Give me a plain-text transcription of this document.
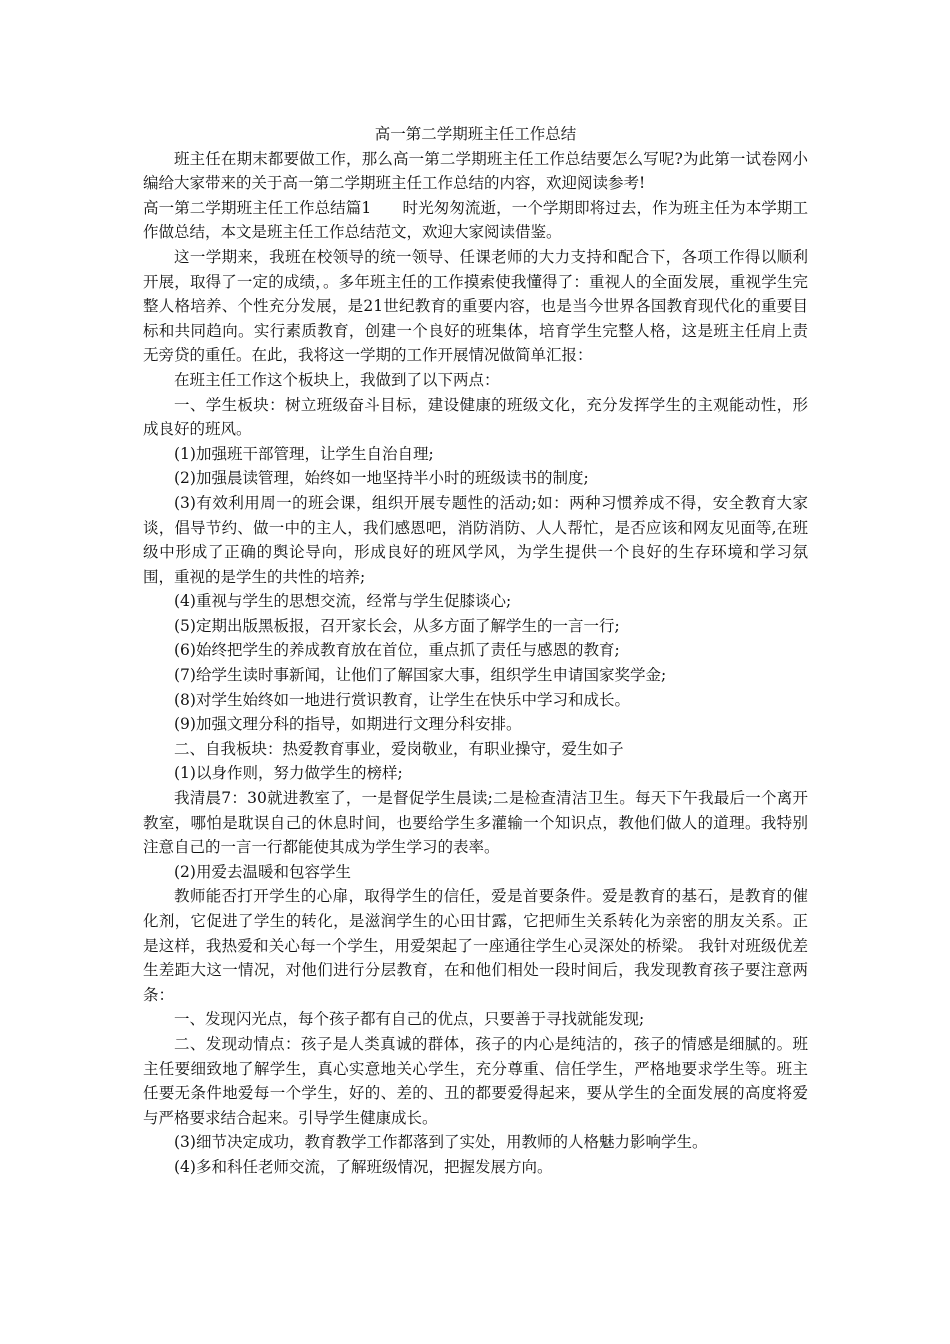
高一第二学期班主任工作总结

班主任在期末都要做工作，那么高一第二学期班主任工作总结要怎么写呢?为此第一试卷网小编给大家带来的关于高一第二学期班主任工作总结的内容，欢迎阅读参考!

高一第二学期班主任工作总结篇1　　时光匆匆流逝，一个学期即将过去，作为班主任为本学期工作做总结，本文是班主任工作总结范文，欢迎大家阅读借鉴。

这一学期来，我班在校领导的统一领导、任课老师的大力支持和配合下，各项工作得以顺利开展，取得了一定的成绩，。多年班主任的工作摸索使我懂得了：重视人的全面发展，重视学生完整人格培养、个性充分发展，是21世纪教育的重要内容，也是当今世界各国教育现代化的重要目标和共同趋向。实行素质教育，创建一个良好的班集体，培育学生完整人格，这是班主任肩上责无旁贷的重任。在此，我将这一学期的工作开展情况做简单汇报：

在班主任工作这个板块上，我做到了以下两点：

一、学生板块：树立班级奋斗目标，建设健康的班级文化，充分发挥学生的主观能动性，形成良好的班风。

(1)加强班干部管理，让学生自治自理;

(2)加强晨读管理，始终如一地坚持半小时的班级读书的制度;

(3)有效利用周一的班会课，组织开展专题性的活动;如：两种习惯养成不得，安全教育大家谈，倡导节约、做一中的主人，我们感恩吧，消防消防、人人帮忙，是否应该和网友见面等,在班级中形成了正确的舆论导向，形成良好的班风学风，为学生提供一个良好的生存环境和学习氛围，重视的是学生的共性的培养;

(4)重视与学生的思想交流，经常与学生促膝谈心;

(5)定期出版黑板报，召开家长会，从多方面了解学生的一言一行;

(6)始终把学生的养成教育放在首位，重点抓了责任与感恩的教育;

(7)给学生读时事新闻，让他们了解国家大事，组织学生申请国家奖学金;

(8)对学生始终如一地进行赏识教育，让学生在快乐中学习和成长。

(9)加强文理分科的指导，如期进行文理分科安排。

二、自我板块：热爱教育事业，爱岗敬业，有职业操守，爱生如子

(1)以身作则，努力做学生的榜样;

我清晨7：30就进教室了，一是督促学生晨读;二是检查清洁卫生。每天下午我最后一个离开教室，哪怕是耽误自己的休息时间，也要给学生多灌输一个知识点，教他们做人的道理。我特别注意自己的一言一行都能使其成为学生学习的表率。

(2)用爱去温暖和包容学生

教师能否打开学生的心扉，取得学生的信任，爱是首要条件。爱是教育的基石，是教育的催化剂，它促进了学生的转化，是滋润学生的心田甘露，它把师生关系转化为亲密的朋友关系。正是这样，我热爱和关心每一个学生，用爱架起了一座通往学生心灵深处的桥梁。 我针对班级优差生差距大这一情况，对他们进行分层教育，在和他们相处一段时间后，我发现教育孩子要注意两条：

一、发现闪光点，每个孩子都有自己的优点，只要善于寻找就能发现;

二、发现动情点：孩子是人类真诚的群体，孩子的内心是纯洁的，孩子的情感是细腻的。班主任要细致地了解学生，真心实意地关心学生，充分尊重、信任学生，严格地要求学生等。班主任要无条件地爱每一个学生，好的、差的、丑的都要爱得起来，要从学生的全面发展的高度将爱与严格要求结合起来。引导学生健康成长。

(3)细节决定成功，教育教学工作都落到了实处，用教师的人格魅力影响学生。

(4)多和科任老师交流，了解班级情况，把握发展方向。
